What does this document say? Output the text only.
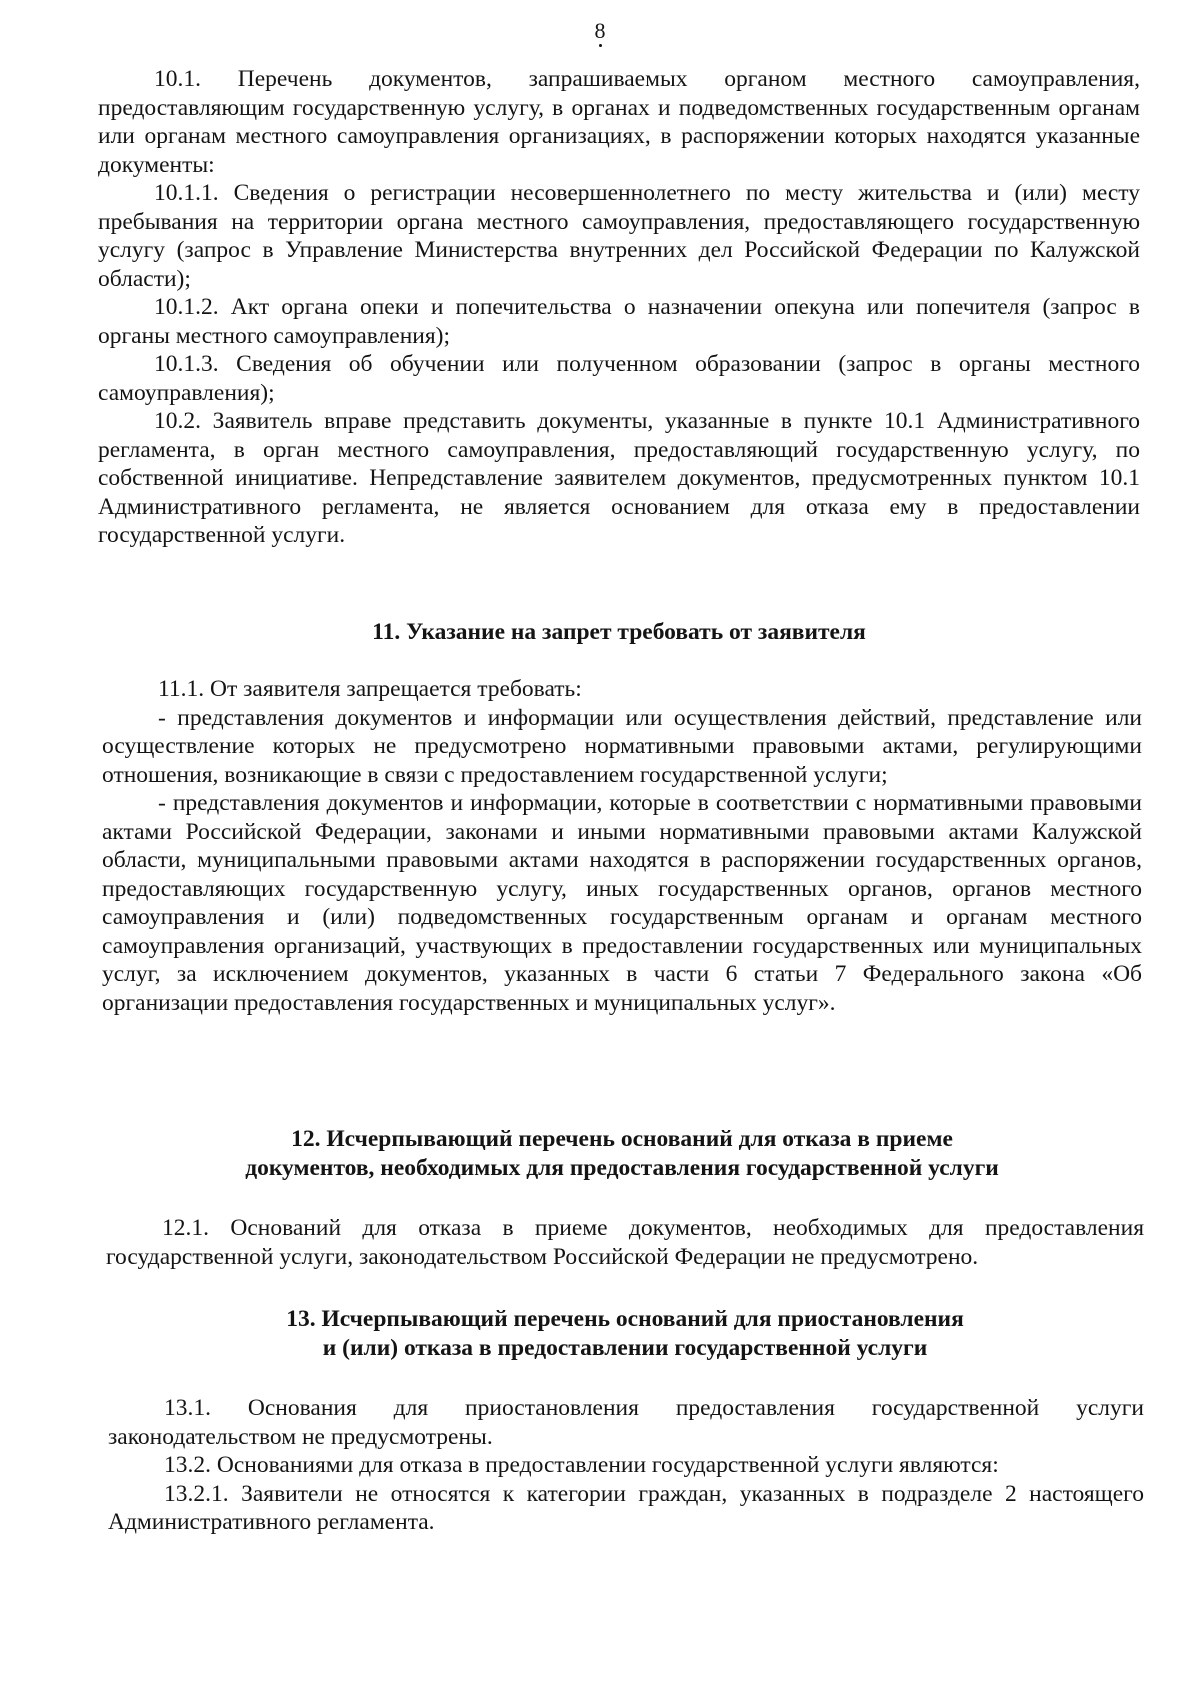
8

10.1. Перечень документов, запрашиваемых органом местного самоуправления, предоставляющим государственную услугу, в органах и подведомственных государственным органам или органам местного самоуправления организациях, в распоряжении которых находятся указанные документы:

10.1.1. Сведения о регистрации несовершеннолетнего по месту жительства и (или) месту пребывания на территории органа местного самоуправления, предоставляющего государственную услугу (запрос в Управление Министерства внутренних дел Российской Федерации по Калужской области);

10.1.2. Акт органа опеки и попечительства о назначении опекуна или попечителя (запрос в органы местного самоуправления);

10.1.3. Сведения об обучении или полученном образовании (запрос в органы местного самоуправления);

10.2. Заявитель вправе представить документы, указанные в пункте 10.1 Административного регламента, в орган местного самоуправления, предоставляющий государственную услугу, по собственной инициативе. Непредставление заявителем документов, предусмотренных пунктом 10.1 Административного регламента, не является основанием для отказа ему в предоставлении государственной услуги.

11. Указание на запрет требовать от заявителя

11.1. От заявителя запрещается требовать:

- представления документов и информации или осуществления действий, представление или осуществление которых не предусмотрено нормативными правовыми актами, регулирующими отношения, возникающие в связи с предоставлением государственной услуги;

- представления документов и информации, которые в соответствии с нормативными правовыми актами Российской Федерации, законами и иными нормативными правовыми актами Калужской области, муниципальными правовыми актами находятся в распоряжении государственных органов, предоставляющих государственную услугу, иных государственных органов, органов местного самоуправления и (или) подведомственных государственным органам и органам местного самоуправления организаций, участвующих в предоставлении государственных или муниципальных услуг, за исключением документов, указанных в части 6 статьи 7 Федерального закона «Об организации предоставления государственных и муниципальных услуг».

12. Исчерпывающий перечень оснований для отказа в приеме

документов, необходимых для предоставления государственной услуги

12.1. Оснований для отказа в приеме документов, необходимых для предоставления государственной услуги, законодательством Российской Федерации не предусмотрено.

13. Исчерпывающий перечень оснований для приостановления

и (или) отказа в предоставлении государственной услуги

13.1. Основания для приостановления предоставления государственной услуги законодательством не предусмотрены.

13.2. Основаниями для отказа в предоставлении государственной услуги являются:

13.2.1. Заявители не относятся к категории граждан, указанных в подразделе 2 настоящего Административного регламента.
